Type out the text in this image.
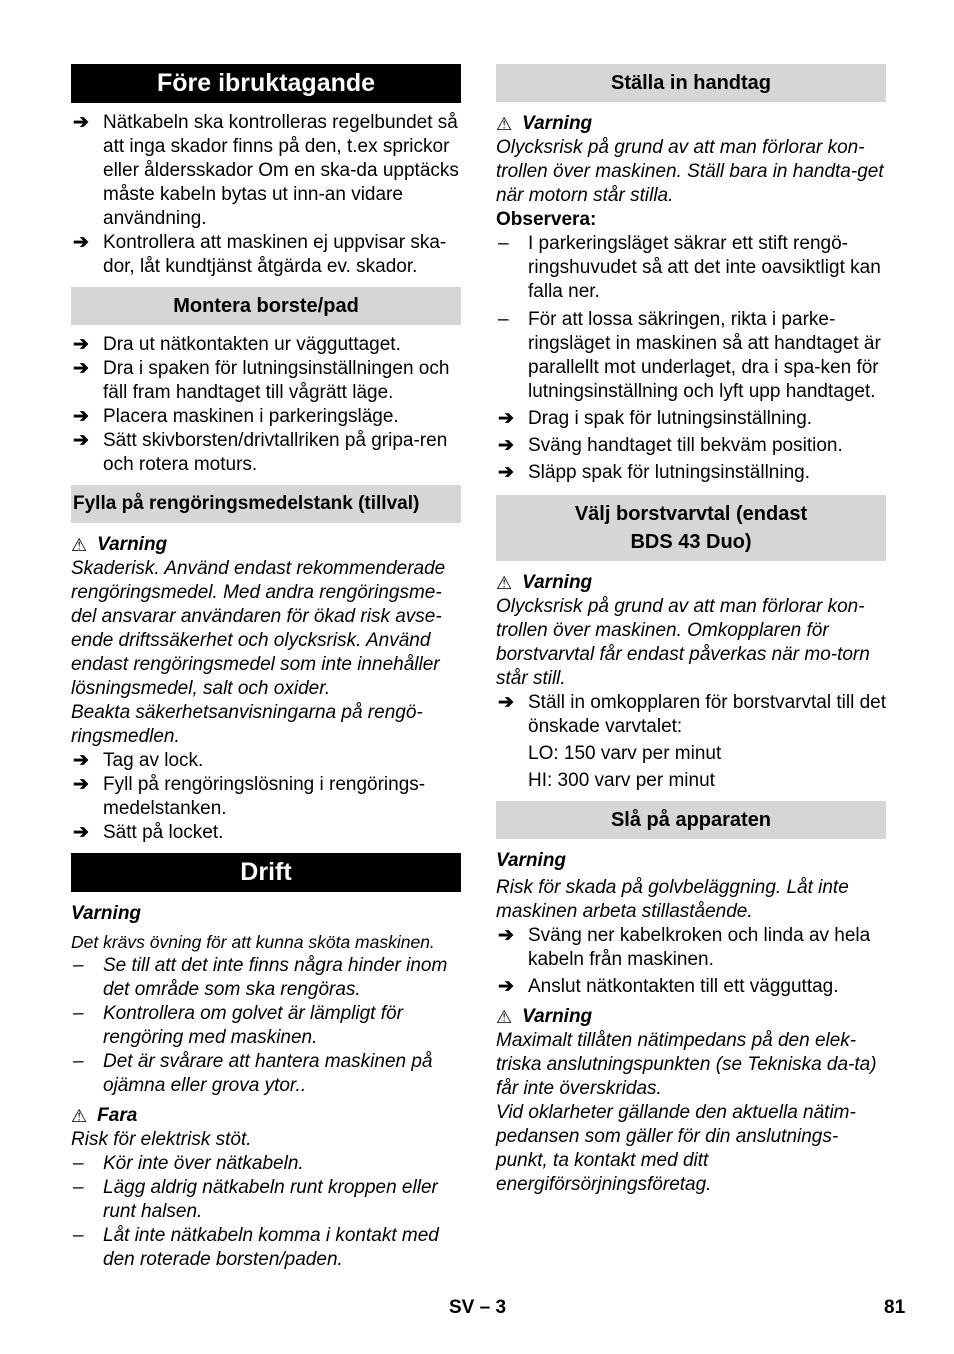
Före ibruktagande
➔ Nätkabeln ska kontrolleras regelbundet så att inga skador finns på den, t.ex sprickor eller åldersskador Om en ska-da upptäcks måste kabeln bytas ut inn-an vidare användning.
➔ Kontrollera att maskinen ej uppvisar ska-dor, låt kundtjänst åtgärda ev. skador.
Montera borste/pad
➔ Dra ut nätkontakten ur vägguttaget.
➔ Dra i spaken för lutningsinställningen och fäll fram handtaget till vågrätt läge.
➔ Placera maskinen i parkeringsläge.
➔ Sätt skivborsten/drivtallriken på gripa-ren och rotera moturs.
Fylla på rengöringsmedelstank (tillval)
⚠ Varning
Skaderisk. Använd endast rekommenderade rengöringsmedel. Med andra rengöringsme-del ansvarar användaren för ökad risk avse-ende driftssäkerhet och olycksrisk. Använd endast rengöringsmedel som inte innehåller lösningsmedel, salt och oxider.
Beakta säkerhetsanvisningarna på rengö-ringsmedlen.
➔ Tag av lock.
➔ Fyll på rengöringslösning i rengörings-medelstanken.
➔ Sätt på locket.
Drift
Varning
Det krävs övning för att kunna sköta maskinen.
– Se till att det inte finns några hinder inom det område som ska rengöras.
– Kontrollera om golvet är lämpligt för rengöring med maskinen.
– Det är svårare att hantera maskinen på ojämna eller grova ytor..
⚠ Fara
Risk för elektrisk stöt.
– Kör inte över nätkabeln.
– Lägg aldrig nätkabeln runt kroppen eller runt halsen.
– Låt inte nätkabeln komma i kontakt med den roterade borsten/paden.
Ställa in handtag
⚠ Varning
Olycksrisk på grund av att man förlorar kon-trollen över maskinen. Ställ bara in handta-get när motorn står stilla.
Observera:
– I parkeringsläget säkrar ett stift rengö-ringshuvudet så att det inte oavsiktligt kan falla ner.
– För att lossa säkringen, rikta i parke-ringsläget in maskinen så att handtaget är parallellt mot underlaget, dra i spa-ken för lutningsinställning och lyft upp handtaget.
➔ Drag i spak för lutningsinställning.
➔ Sväng handtaget till bekväm position.
➔ Släpp spak för lutningsinställning.
Välj borstvarvtal (endast
BDS 43 Duo)
⚠ Varning
Olycksrisk på grund av att man förlorar kon-trollen över maskinen. Omkopplaren för borstvarvtal får endast påverkas när mo-torn står still.
➔ Ställ in omkopplaren för borstvarvtal till det önskade varvtalet:
LO: 150 varv per minut
HI: 300 varv per minut
Slå på apparaten
Varning
Risk för skada på golvbeläggning. Låt inte maskinen arbeta stillastående.
➔ Sväng ner kabelkroken och linda av hela kabeln från maskinen.
➔ Anslut nätkontakten till ett vägguttag.
⚠ Varning
Maximalt tillåten nätimpedans på den elek-triska anslutningspunkten (se Tekniska da-ta) får inte överskridas.
Vid oklarheter gällande den aktuella nätim-pedansen som gäller för din anslutnings-punkt, ta kontakt med ditt energiförsörjningsföretag.
SV – 3	81
